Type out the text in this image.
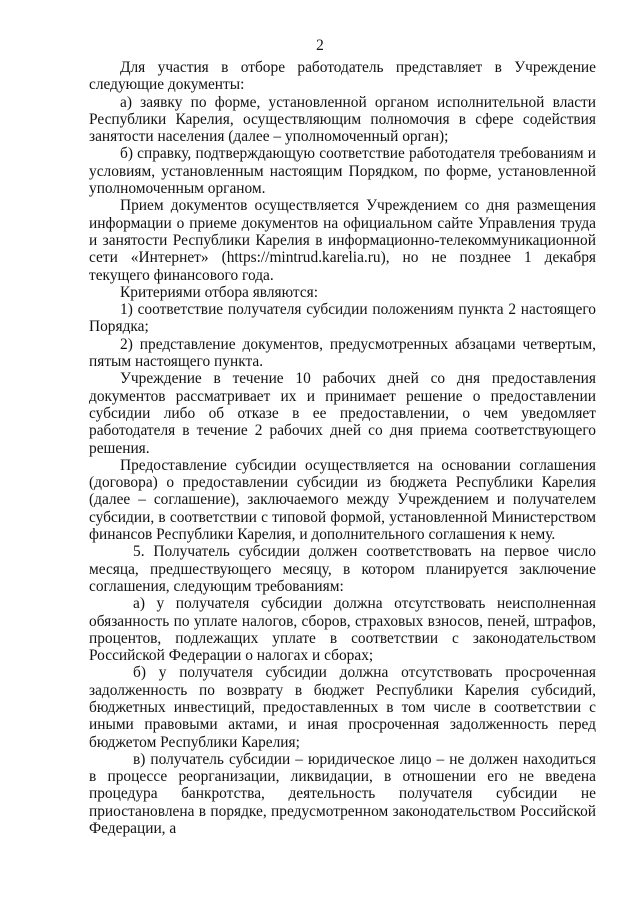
2

Для участия в отборе работодатель представляет в Учреждение следующие документы:

а) заявку по форме, установленной органом исполнительной власти Республики Карелия, осуществляющим полномочия в сфере содействия занятости населения (далее – уполномоченный орган);

б) справку, подтверждающую соответствие работодателя требованиям и условиям, установленным настоящим Порядком, по форме, установленной уполномоченным органом.

Прием документов осуществляется Учреждением со дня размещения информации о приеме документов на официальном сайте Управления труда и занятости Республики Карелия в информационно-телекоммуникационной сети «Интернет» (https://mintrud.karelia.ru), но не позднее 1 декабря текущего финансового года.

Критериями отбора являются:

1) соответствие получателя субсидии положениям пункта 2 настоящего Порядка;

2) представление документов, предусмотренных абзацами четвертым, пятым настоящего пункта.

Учреждение в течение 10 рабочих дней со дня предоставления документов рассматривает их и принимает решение о предоставлении субсидии либо об отказе в ее предоставлении, о чем уведомляет работодателя в течение 2 рабочих дней со дня приема соответствующего решения.

Предоставление субсидии осуществляется на основании соглашения (договора) о предоставлении субсидии из бюджета Республики Карелия (далее – соглашение), заключаемого между Учреждением и получателем субсидии, в соответствии с типовой формой, установленной Министерством финансов Республики Карелия, и дополнительного соглашения к нему.

5. Получатель субсидии должен соответствовать на первое число месяца, предшествующего месяцу, в котором планируется заключение соглашения, следующим требованиям:

а) у получателя субсидии должна отсутствовать неисполненная обязанность по уплате налогов, сборов, страховых взносов, пеней, штрафов, процентов, подлежащих уплате в соответствии с законодательством Российской Федерации о налогах и сборах;

б) у получателя субсидии должна отсутствовать просроченная задолженность по возврату в бюджет Республики Карелия субсидий, бюджетных инвестиций, предоставленных в том числе в соответствии с иными правовыми актами, и иная просроченная задолженность перед бюджетом Республики Карелия;

в) получатель субсидии – юридическое лицо – не должен находиться в процессе реорганизации, ликвидации, в отношении его не введена процедура банкротства, деятельность получателя субсидии не приостановлена в порядке, предусмотренном законодательством Российской Федерации, а
